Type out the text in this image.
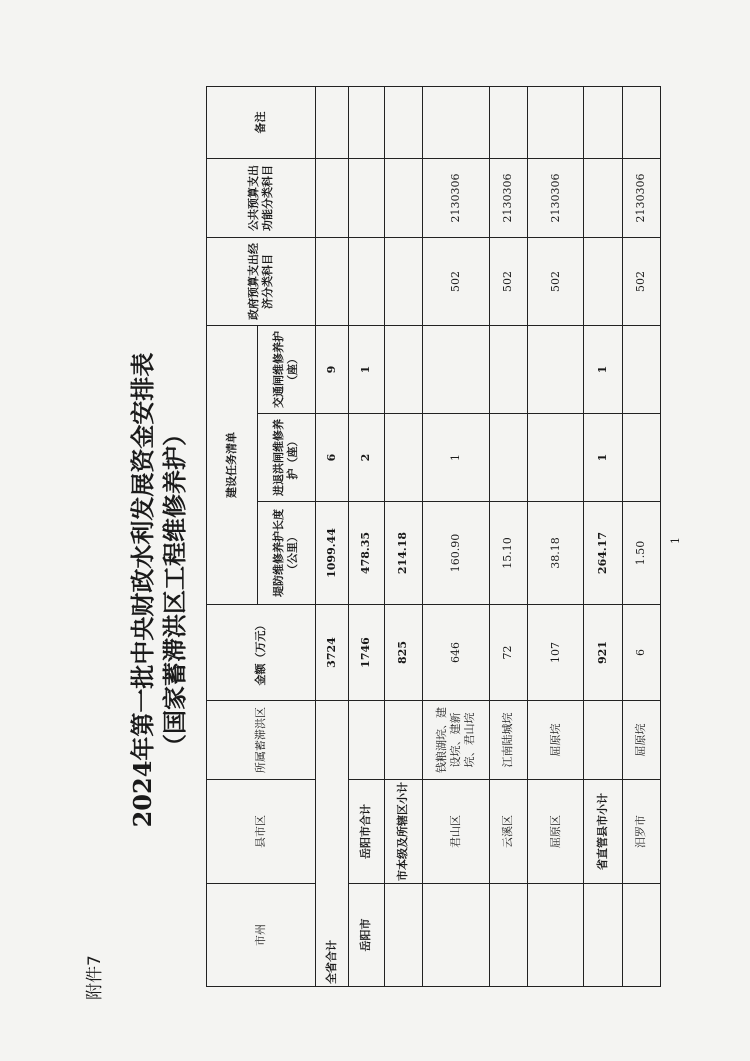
附件7
2024年第一批中央财政水利发展资金安排表 （国家蓄滞洪区工程维修养护）	1
市州	县市区	所属蓄滞洪区	金额（万元）	建设任务清单			政府预算支出经济分类科目	公共预算支出功能分类科目	备注
				堤防维修养护长度（公里）	进退洪闸维修养护（座）	交通闸维修养护（座）			
全省合计			3724	1099.44	6	9			
岳阳市	岳阳市合计		1746	478.35	2	1			
	市本级及所辖区小计		825	214.18					
	君山区	钱粮湖垸、建设垸、建新垸、君山垸	646	160.90	1		502	2130306	
	云溪区	江南陆城垸	72	15.10			502	2130306	
	屈原区	屈原垸	107	38.18			502	2130306	
	省直管县市小计		921	264.17	1	1			
	汨罗市	屈原垸	6	1.50			502	2130306	
